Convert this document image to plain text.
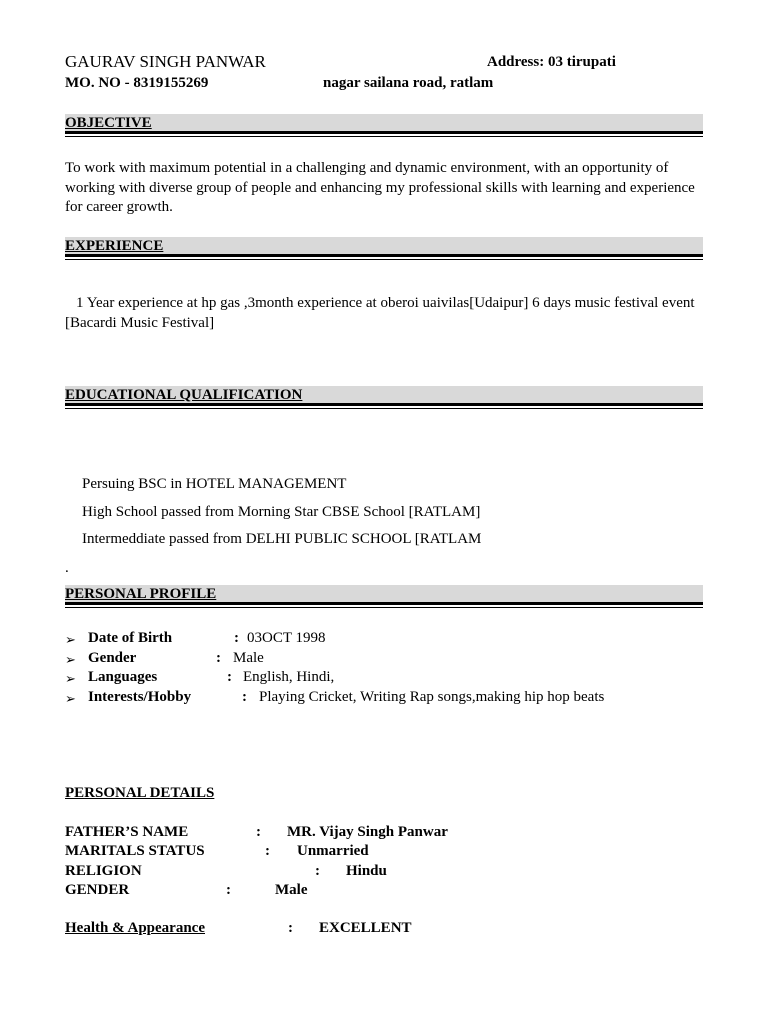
GAURAV SINGH PANWAR	Address: 03 tirupati
MO. NO - 8319155269	nagar sailana road, ratlam
OBJECTIVE
To work with maximum potential in a challenging and dynamic environment, with an opportunity of working with diverse group of people and enhancing my professional skills with learning and experience for career growth.
EXPERIENCE
1 Year experience at hp gas ,3month experience at oberoi uaivilas[Udaipur] 6 days music festival event [Bacardi Music Festival]
EDUCATIONAL QUALIFICATION
Persuing BSC in HOTEL MANAGEMENT
High School passed from Morning Star CBSE School [RATLAM]
Intermeddiate passed from DELHI PUBLIC SCHOOL [RATLAM
.
PERSONAL PROFILE
➢ Date of Birth	: 03OCT 1998
➢ Gender	: Male
➢ Languages	: English, Hindi,
➢ Interests/Hobby	: Playing Cricket, Writing Rap songs,making hip hop beats
PERSONAL DETAILS
FATHER’S NAME	: MR. Vijay Singh Panwar
MARITALS STATUS	: Unmarried
RELIGION	: Hindu
GENDER	:	Male
Health & Appearance	: EXCELLENT
